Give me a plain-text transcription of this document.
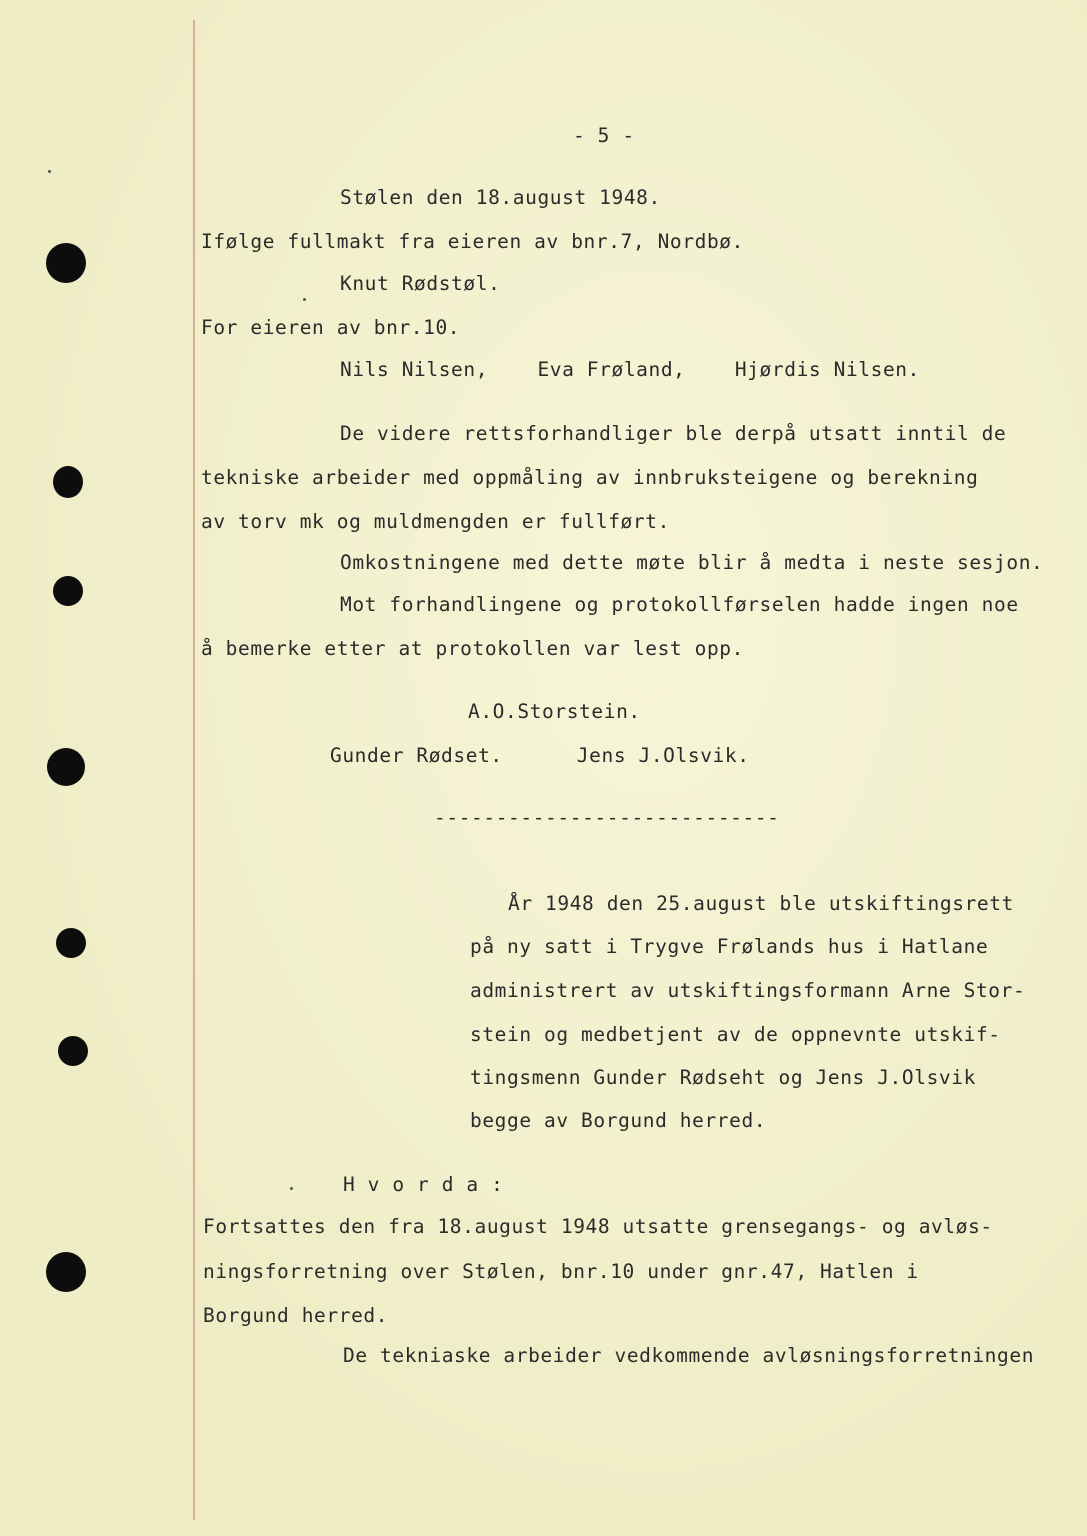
- 5 -
Stølen den 18.august 1948.
Ifølge fullmakt fra eieren av bnr.7, Nordbø.
Knut Rødstøl.
For eieren av bnr.10.
Nils Nilsen,    Eva Frøland,    Hjørdis Nilsen.
De videre rettsforhandliger ble derpå utsatt inntil de
tekniske arbeider med oppmåling av innbruksteigene og berekning
av torv mk og muldmengden er fullført.
Omkostningene med dette møte blir å medta i neste sesjon.
Mot forhandlingene og protokollførselen hadde ingen noe
å bemerke etter at protokollen var lest opp.
A.O.Storstein.
Gunder Rødset.      Jens J.Olsvik.
----------------------------
År 1948 den 25.august ble utskiftingsrett
på ny satt i Trygve Frølands hus i Hatlane
administrert av utskiftingsformann Arne Stor-
stein og medbetjent av de oppnevnte utskif-
tingsmenn Gunder Rødseht og Jens J.Olsvik
begge av Borgund herred.
H v o r d a :
Fortsattes den fra 18.august 1948 utsatte grensegangs- og avløs-
ningsforretning over Stølen, bnr.10 under gnr.47, Hatlen i
Borgund herred.
De tekniaske arbeider vedkommende avløsningsforretningen
